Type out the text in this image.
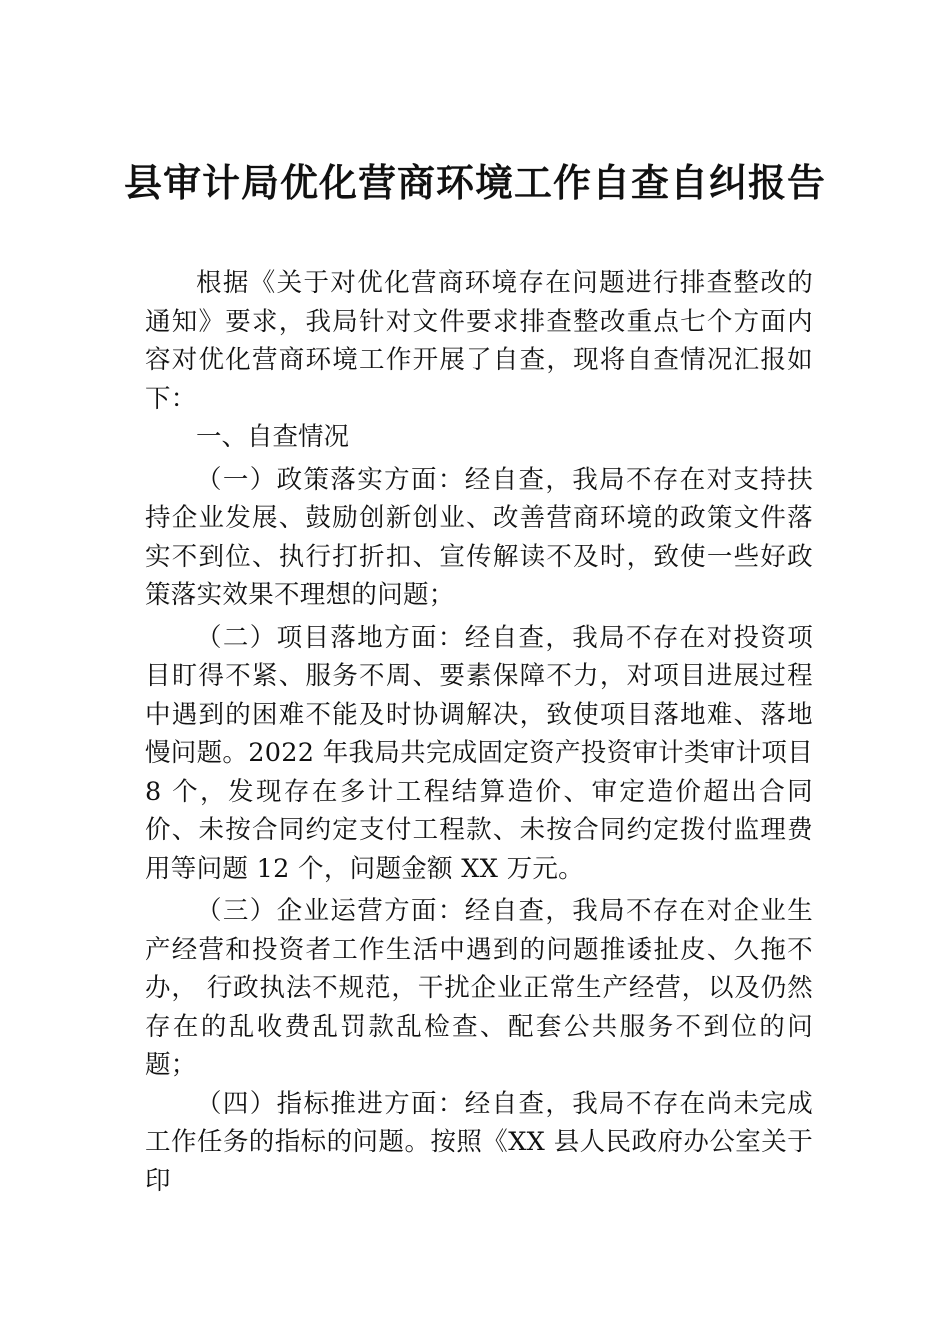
县审计局优化营商环境工作自查自纠报告

根据《关于对优化营商环境存在问题进行排查整改的通知》要求，我局针对文件要求排查整改重点七个方面内容对优化营商环境工作开展了自查，现将自查情况汇报如下：

一、自查情况

（一）政策落实方面：经自查，我局不存在对支持扶持企业发展、鼓励创新创业、改善营商环境的政策文件落实不到位、执行打折扣、宣传解读不及时，致使一些好政策落实效果不理想的问题；

（二）项目落地方面：经自查，我局不存在对投资项目盯得不紧、服务不周、要素保障不力，对项目进展过程中遇到的困难不能及时协调解决，致使项目落地难、落地慢问题。2022 年我局共完成固定资产投资审计类审计项目 8 个，发现存在多计工程结算造价、审定造价超出合同价、未按合同约定支付工程款、未按合同约定拨付监理费用等问题 12 个，问题金额 XX 万元。

（三）企业运营方面：经自查，我局不存在对企业生产经营和投资者工作生活中遇到的问题推诿扯皮、久拖不办， 行政执法不规范，干扰企业正常生产经营，以及仍然存在的乱收费乱罚款乱检查、配套公共服务不到位的问题；

（四）指标推进方面：经自查，我局不存在尚未完成工作任务的指标的问题。按照《XX 县人民政府办公室关于印
